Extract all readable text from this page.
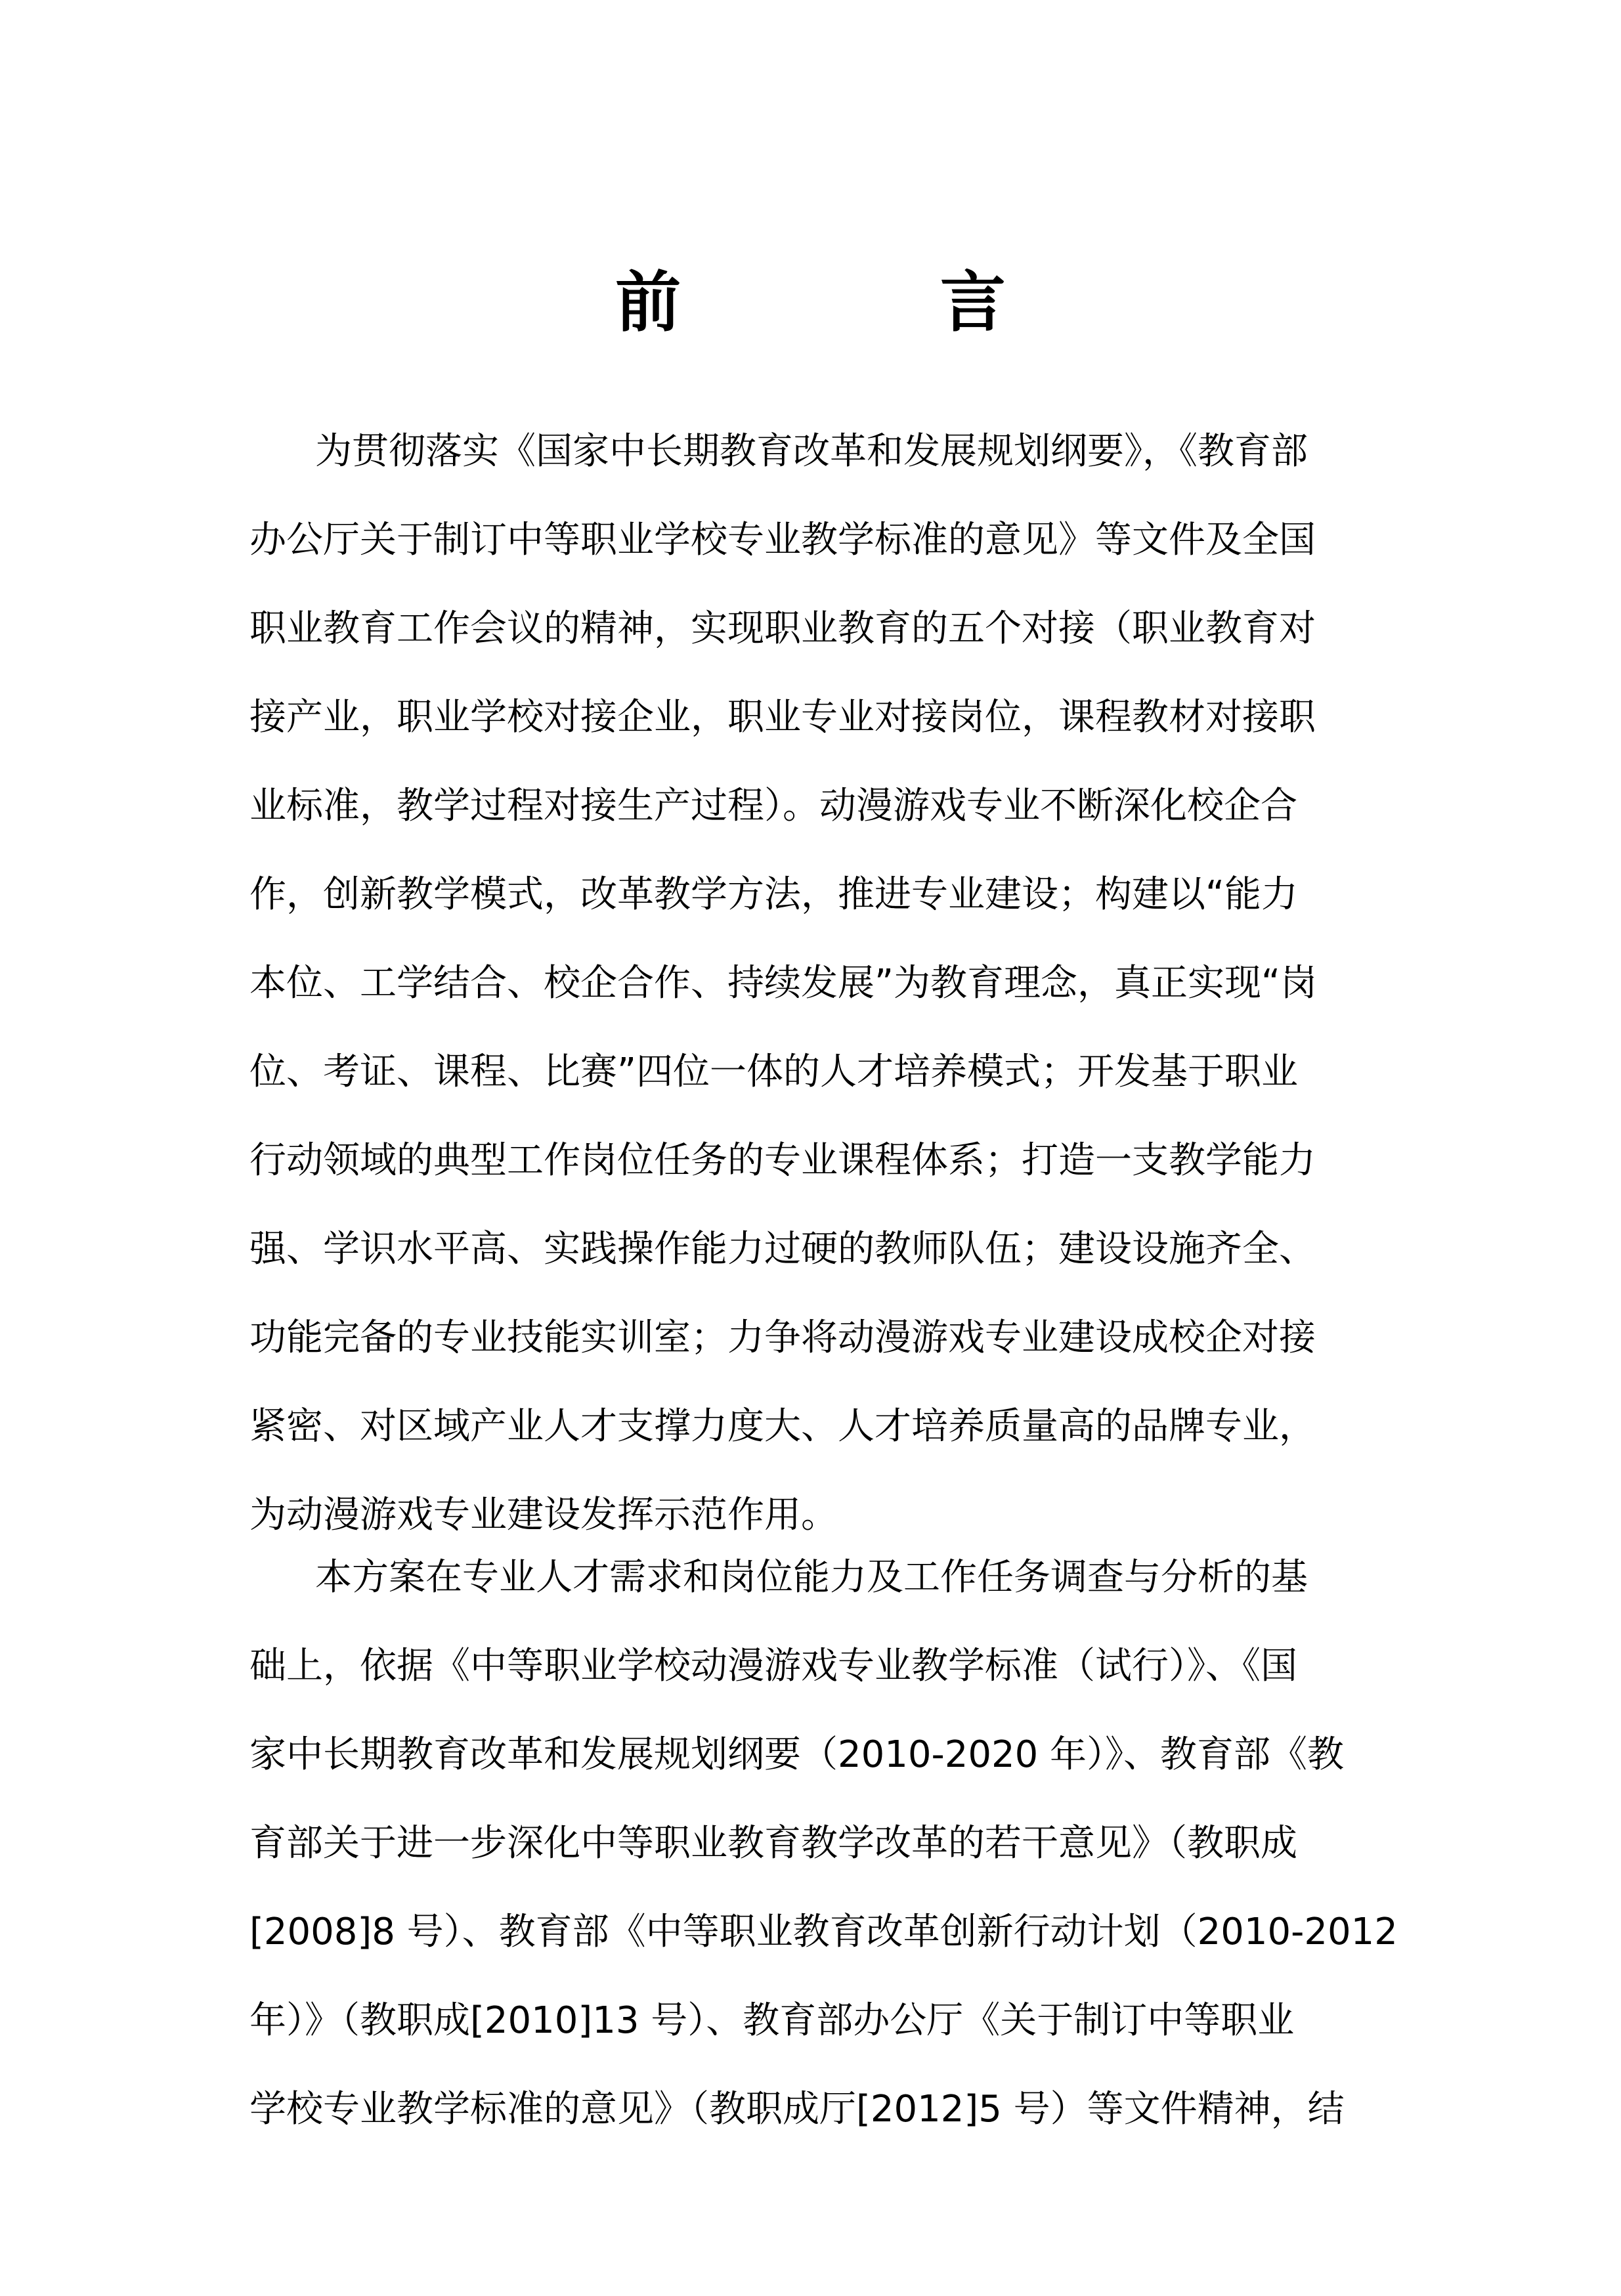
前 言
为贯彻落实《国家中长期教育改革和发展规划纲要》，《教育部
办公厅关于制订中等职业学校专业教学标准的意见》等文件及全国
职业教育工作会议的精神，实现职业教育的五个对接（职业教育对
接产业，职业学校对接企业，职业专业对接岗位，课程教材对接职
业标准，教学过程对接生产过程）。动漫游戏专业不断深化校企合
作，创新教学模式，改革教学方法，推进专业建设；构建以“能力
本位、工学结合、校企合作、持续发展”为教育理念，真正实现“岗
位、考证、课程、比赛”四位一体的人才培养模式；开发基于职业
行动领域的典型工作岗位任务的专业课程体系；打造一支教学能力
强、学识水平高、实践操作能力过硬的教师队伍；建设设施齐全、
功能完备的专业技能实训室；力争将动漫游戏专业建设成校企对接
紧密、对区域产业人才支撑力度大、人才培养质量高的品牌专业，
为动漫游戏专业建设发挥示范作用。
本方案在专业人才需求和岗位能力及工作任务调查与分析的基
础上，依据《中等职业学校动漫游戏专业教学标准（试行）》、《国
家中长期教育改革和发展规划纲要（2010-2020 年）》、教育部《教
育部关于进一步深化中等职业教育教学改革的若干意见》（教职成
[2008]8 号）、教育部《中等职业教育改革创新行动计划（2010-2012
年）》（教职成[2010]13 号）、教育部办公厅《关于制订中等职业
学校专业教学标准的意见》（教职成厅[2012]5 号）等文件精神，结
